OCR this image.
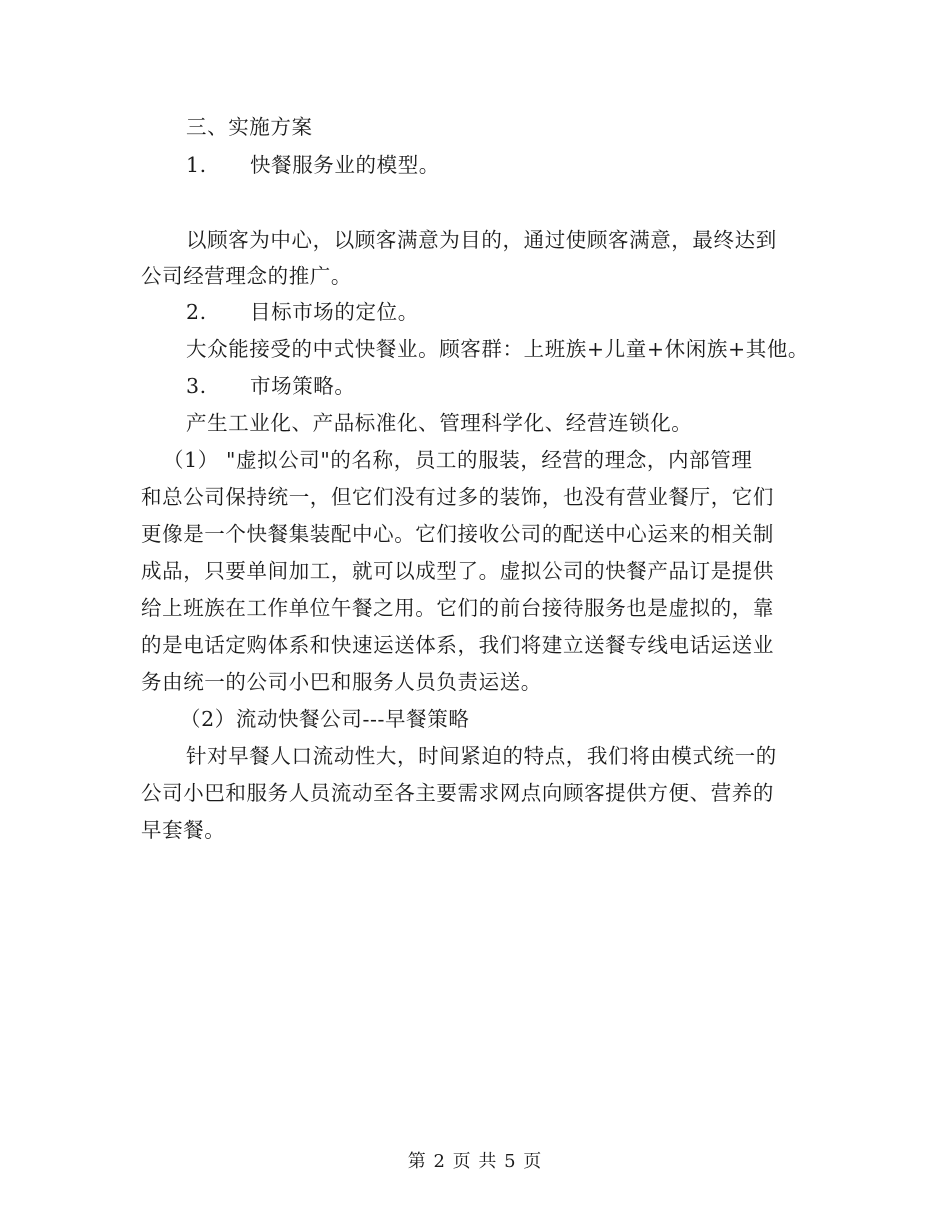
三、实施方案
1. 快餐服务业的模型。
以顾客为中心，以顾客满意为目的，通过使顾客满意，最终达到
公司经营理念的推广。
2. 目标市场的定位。
大众能接受的中式快餐业。顾客群：上班族+儿童+休闲族+其他。
3. 市场策略。
产生工业化、产品标准化、管理科学化、经营连锁化。
（1） "虚拟公司"的名称，员工的服装，经营的理念，内部管理
和总公司保持统一，但它们没有过多的装饰，也没有营业餐厅，它们
更像是一个快餐集装配中心。它们接收公司的配送中心运来的相关制
成品，只要单间加工，就可以成型了。虚拟公司的快餐产品订是提供
给上班族在工作单位午餐之用。它们的前台接待服务也是虚拟的，靠
的是电话定购体系和快速运送体系，我们将建立送餐专线电话运送业
务由统一的公司小巴和服务人员负责运送。
（2）流动快餐公司---早餐策略
针对早餐人口流动性大，时间紧迫的特点，我们将由模式统一的
公司小巴和服务人员流动至各主要需求网点向顾客提供方便、营养的
早套餐。
第 2 页 共 5 页
